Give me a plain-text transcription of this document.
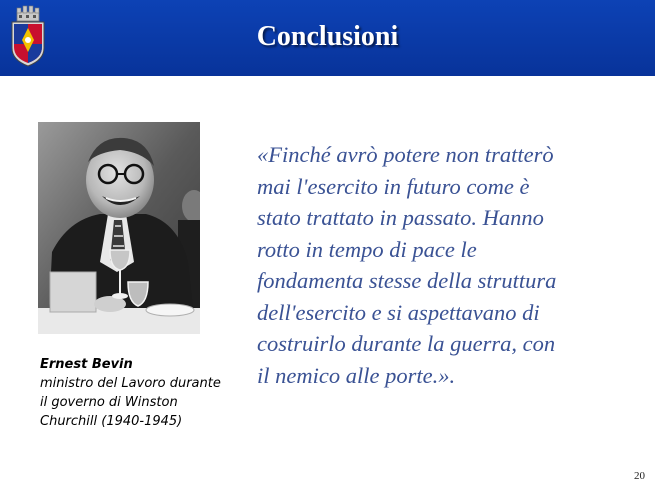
Conclusioni
Ernest Bevin
ministro del Lavoro durante
il governo di Winston
Churchill (1940-1945)
«Finché avrò potere non tratterò
mai l'esercito in futuro come è
stato trattato in passato. Hanno
rotto in tempo di pace le
fondamenta stesse della struttura
dell'esercito e si aspettavano di
costruirlo durante la guerra, con
il nemico alle porte.».
20
